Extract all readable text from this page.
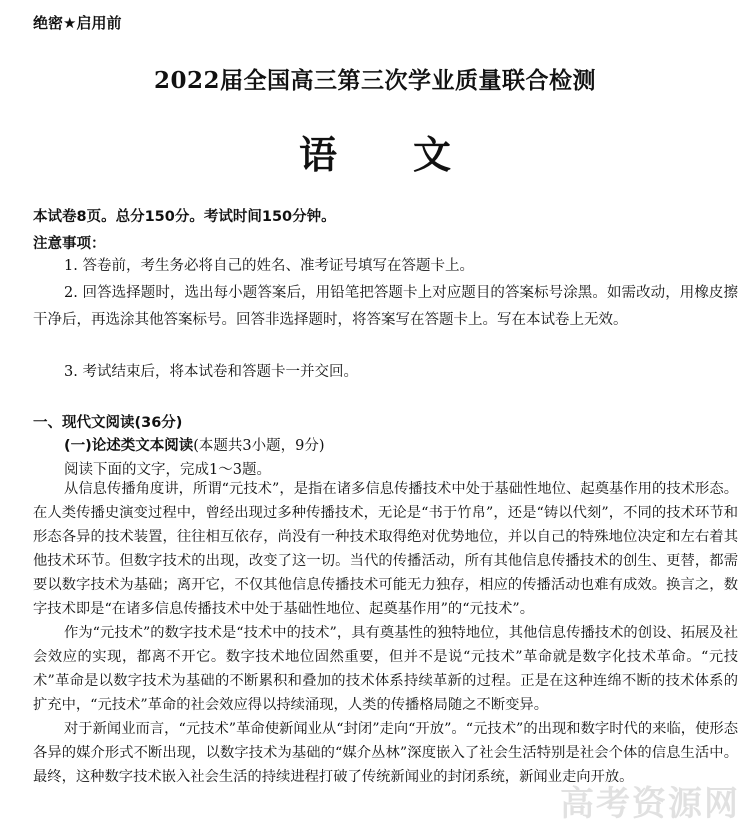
绝密★启用前
2022届全国高三第三次学业质量联合检测
语 文
本试卷8页。总分150分。考试时间150分钟。
注意事项：
1. 答卷前，考生务必将自己的姓名、准考证号填写在答题卡上。
2. 回答选择题时，选出每小题答案后，用铅笔把答题卡上对应题目的答案标号涂黑。如需改动，用橡皮擦干净后，再选涂其他答案标号。回答非选择题时，将答案写在答题卡上。写在本试卷上无效。
3. 考试结束后，将本试卷和答题卡一并交回。
一、现代文阅读(36分)
(一)论述类文本阅读(本题共3小题，9分)
阅读下面的文字，完成1～3题。

从信息传播角度讲，所谓“元技术”，是指在诸多信息传播技术中处于基础性地位、起奠基作用的技术形态。在人类传播史演变过程中，曾经出现过多种传播技术，无论是“书于竹帛”，还是“铸以代刻”，不同的技术环节和形态各异的技术装置，往往相互依存，尚没有一种技术取得绝对优势地位，并以自己的特殊地位决定和左右着其他技术环节。但数字技术的出现，改变了这一切。当代的传播活动，所有其他信息传播技术的创生、更替，都需要以数字技术为基础；离开它，不仅其他信息传播技术可能无力独存，相应的传播活动也难有成效。换言之，数字技术即是“在诸多信息传播技术中处于基础性地位、起奠基作用”的“元技术”。

作为“元技术”的数字技术是“技术中的技术”，具有奠基性的独特地位，其他信息传播技术的创设、拓展及社会效应的实现，都离不开它。数字技术地位固然重要，但并不是说“元技术”革命就是数字化技术革命。“元技术”革命是以数字技术为基础的不断累积和叠加的技术体系持续革新的过程。正是在这种连绵不断的技术体系的扩充中，“元技术”革命的社会效应得以持续涌现，人类的传播格局随之不断变异。

对于新闻业而言，“元技术”革命使新闻业从“封闭”走向“开放”。“元技术”的出现和数字时代的来临，使形态各异的媒介形式不断出现，以数字技术为基础的“媒介丛林”深度嵌入了社会生活特别是社会个体的信息生活中。最终，这种数字技术嵌入社会生活的持续进程打破了传统新闻业的封闭系统，新闻业走向开放。

高考资源网
